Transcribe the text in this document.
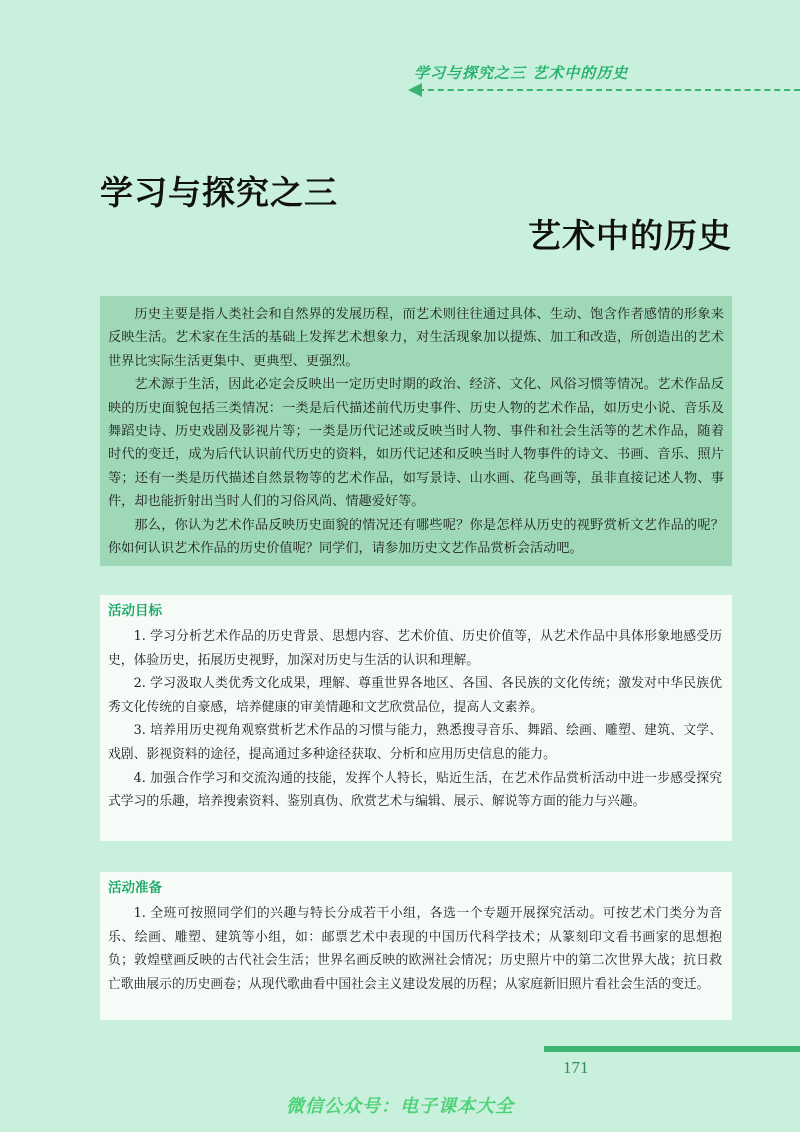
学习与探究之三 艺术中的历史
学习与探究之三
艺术中的历史

历史主要是指人类社会和自然界的发展历程，而艺术则往往通过具体、生动、饱含作者感情的形象来反映生活。艺术家在生活的基础上发挥艺术想象力，对生活现象加以提炼、加工和改造，所创造出的艺术世界比实际生活更集中、更典型、更强烈。

艺术源于生活，因此必定会反映出一定历史时期的政治、经济、文化、风俗习惯等情况。艺术作品反映的历史面貌包括三类情况：一类是后代描述前代历史事件、历史人物的艺术作品，如历史小说、音乐及舞蹈史诗、历史戏剧及影视片等；一类是历代记述或反映当时人物、事件和社会生活等的艺术作品，随着时代的变迁，成为后代认识前代历史的资料，如历代记述和反映当时人物事件的诗文、书画、音乐、照片等；还有一类是历代描述自然景物等的艺术作品，如写景诗、山水画、花鸟画等，虽非直接记述人物、事件，却也能折射出当时人们的习俗风尚、情趣爱好等。

那么，你认为艺术作品反映历史面貌的情况还有哪些呢？你是怎样从历史的视野赏析文艺作品的呢？你如何认识艺术作品的历史价值呢？同学们，请参加历史文艺作品赏析会活动吧。

活动目标

1. 学习分析艺术作品的历史背景、思想内容、艺术价值、历史价值等，从艺术作品中具体形象地感受历史，体验历史，拓展历史视野，加深对历史与生活的认识和理解。

2. 学习汲取人类优秀文化成果，理解、尊重世界各地区、各国、各民族的文化传统；激发对中华民族优秀文化传统的自豪感，培养健康的审美情趣和文艺欣赏品位，提高人文素养。

3. 培养用历史视角观察赏析艺术作品的习惯与能力，熟悉搜寻音乐、舞蹈、绘画、雕塑、建筑、文学、戏剧、影视资料的途径，提高通过多种途径获取、分析和应用历史信息的能力。

4. 加强合作学习和交流沟通的技能，发挥个人特长，贴近生活，在艺术作品赏析活动中进一步感受探究式学习的乐趣，培养搜索资料、鉴别真伪、欣赏艺术与编辑、展示、解说等方面的能力与兴趣。

活动准备

1. 全班可按照同学们的兴趣与特长分成若干小组，各选一个专题开展探究活动。可按艺术门类分为音乐、绘画、雕塑、建筑等小组，如：邮票艺术中表现的中国历代科学技术；从篆刻印文看书画家的思想抱负；敦煌壁画反映的古代社会生活；世界名画反映的欧洲社会情况；历史照片中的第二次世界大战；抗日救亡歌曲展示的历史画卷；从现代歌曲看中国社会主义建设发展的历程；从家庭新旧照片看社会生活的变迁。

171
微信公众号：电子课本大全
